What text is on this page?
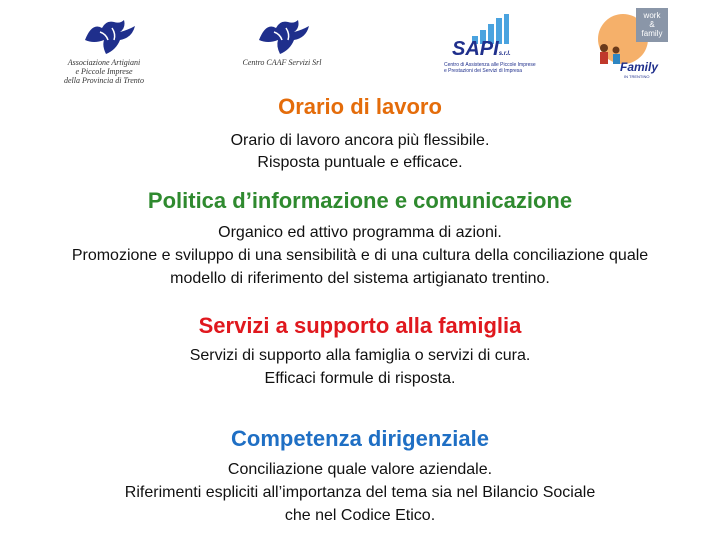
Associazione Artigiani
e Piccole Imprese
della Provincia di Trento
Centro CAAF Servizi Srl
SAPIs.r.l.
Centro di Assistenza alle Piccole Imprese
e Prestazioni dei Servizi di Impresa
work
&
family
Family
IN TRENTINO
Orario di lavoro
Orario di lavoro ancora più flessibile.
Risposta puntuale e efficace.
Politica d’informazione e comunicazione
Organico ed attivo programma di azioni.
Promozione e sviluppo di una sensibilità e di una cultura della conciliazione quale
modello di riferimento del sistema artigianato trentino.
Servizi a supporto alla famiglia
Servizi di supporto alla famiglia o servizi di cura.
Efficaci formule di risposta.
Competenza dirigenziale
Conciliazione quale valore aziendale.
Riferimenti espliciti all’importanza del tema sia nel Bilancio Sociale
che nel Codice Etico.
